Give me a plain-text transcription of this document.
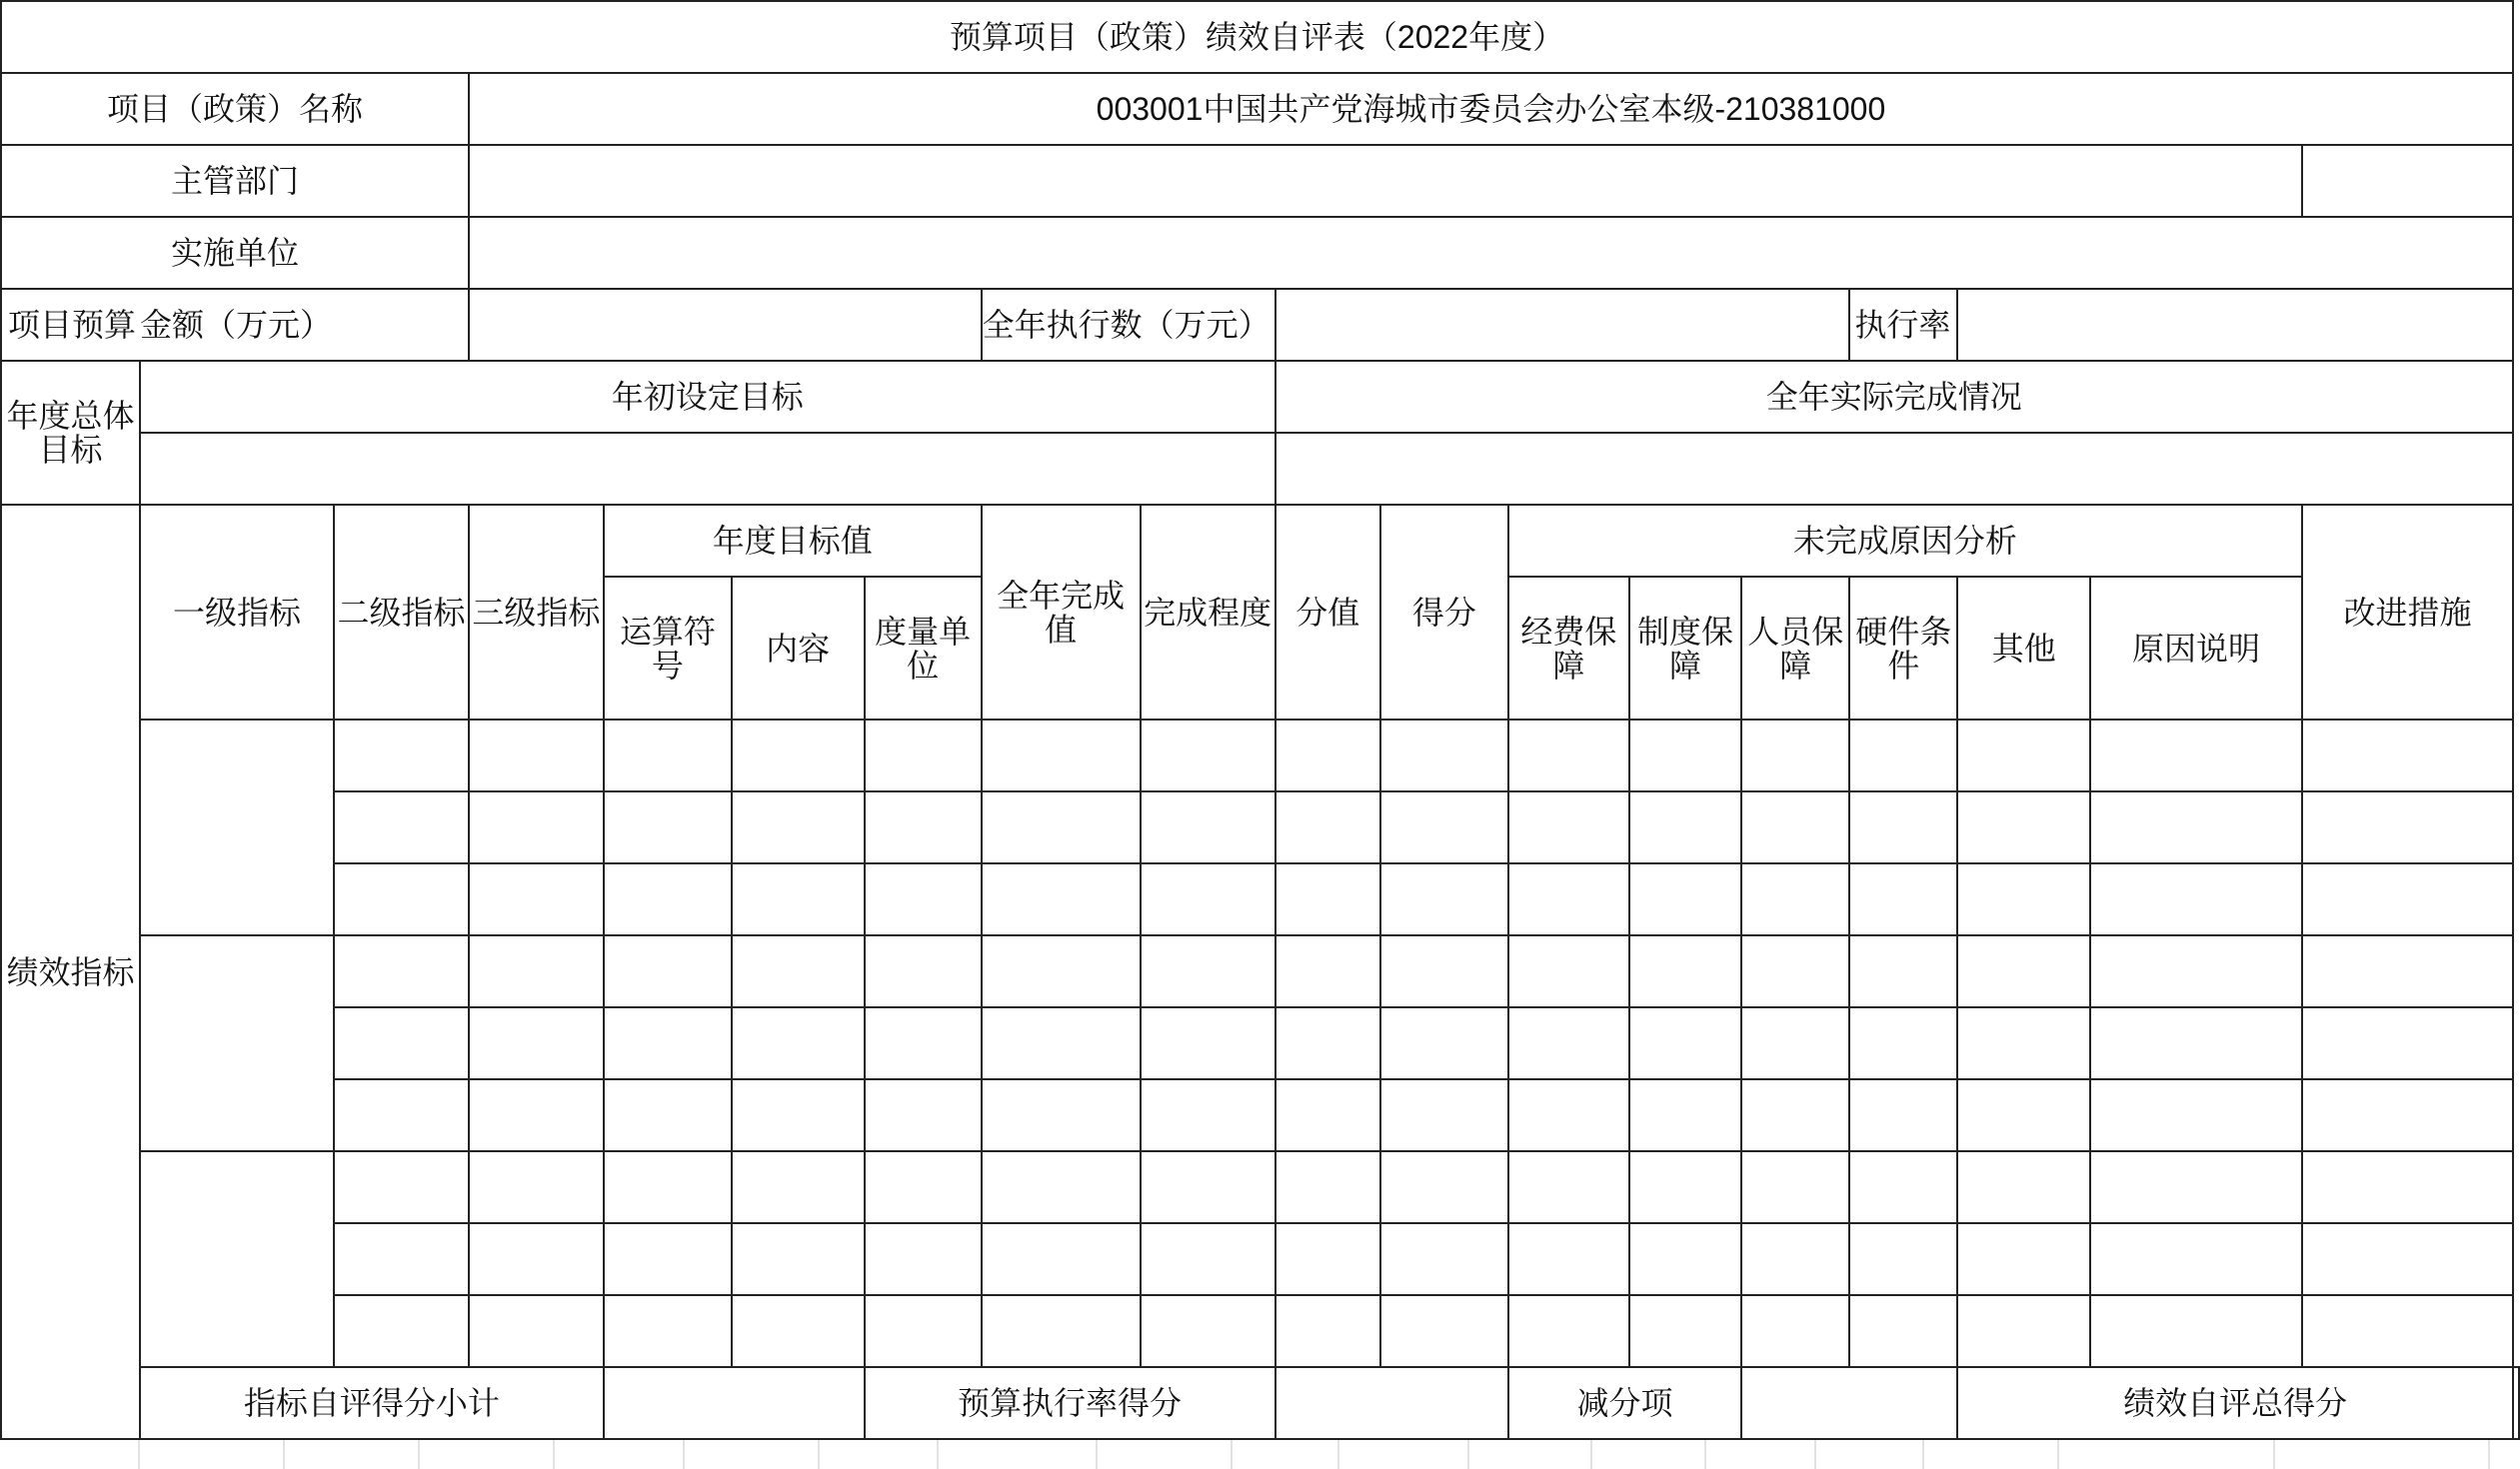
预算项目（政策）绩效自评表（2022年度）																		
项目（政策）名称			003001中国共产党海城市委员会办公室本级-210381000															
主管部门																		
实施单位																		
项目预算	金额（万元）						全年执行数（万元）							执行率				
年度总体目标	年初设定目标								全年实际完成情况									

绩效指标	一级指标	二级指标	三级指标	年度目标值			全年完成值	完成程度	分值	得分	未完成原因分析						改进措施	
				运算符号	内容	度量单位					经费保障	制度保障	人员保障	硬件条件	其他	原因说明		

	指标自评得分小计					预算执行率得分					减分项				绩效自评总得分			
